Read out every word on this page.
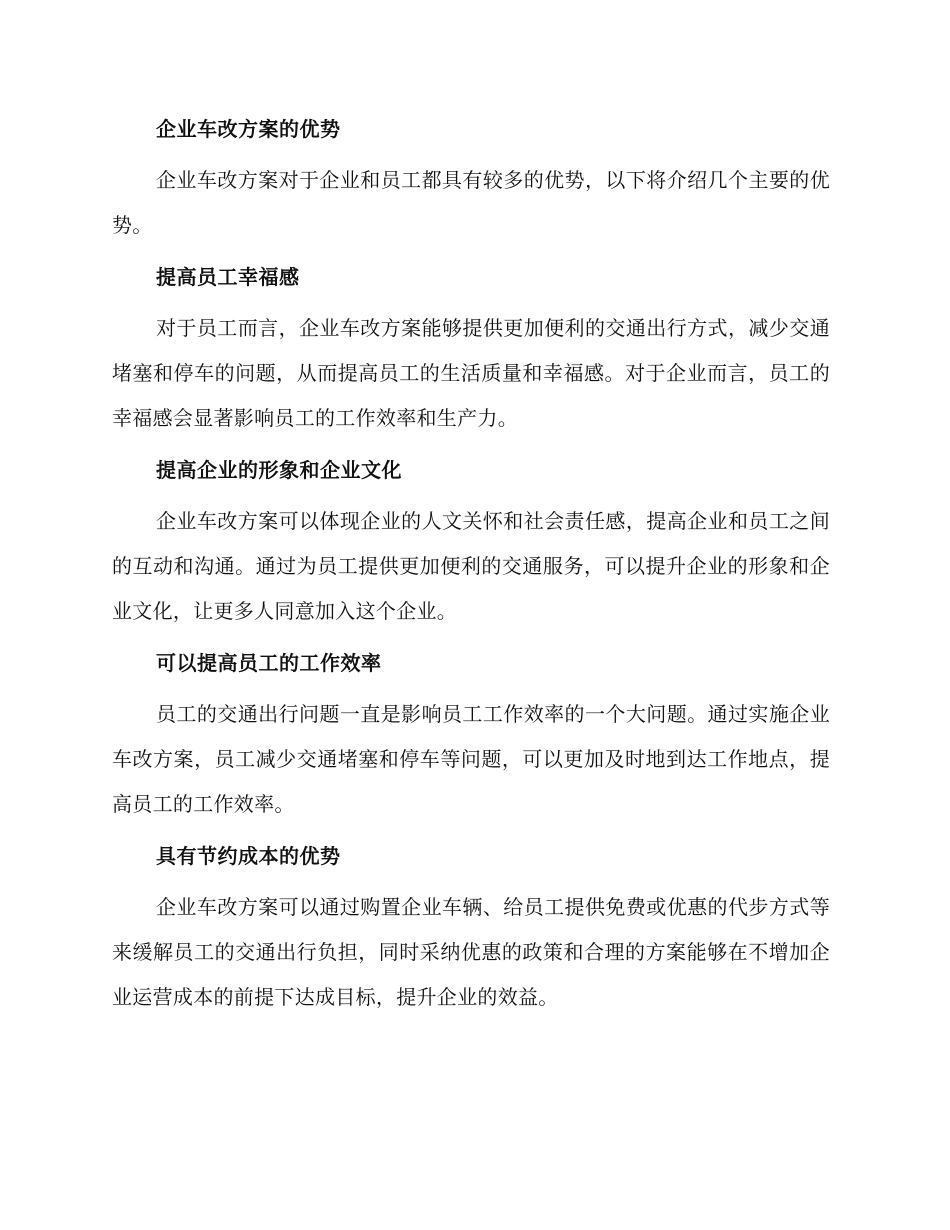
企业车改方案的优势
企业车改方案对于企业和员工都具有较多的优势，以下将介绍几个主要的优势。
提高员工幸福感
对于员工而言，企业车改方案能够提供更加便利的交通出行方式，减少交通堵塞和停车的问题，从而提高员工的生活质量和幸福感。对于企业而言，员工的幸福感会显著影响员工的工作效率和生产力。
提高企业的形象和企业文化
企业车改方案可以体现企业的人文关怀和社会责任感，提高企业和员工之间的互动和沟通。通过为员工提供更加便利的交通服务，可以提升企业的形象和企业文化，让更多人同意加入这个企业。
可以提高员工的工作效率
员工的交通出行问题一直是影响员工工作效率的一个大问题。通过实施企业车改方案，员工减少交通堵塞和停车等问题，可以更加及时地到达工作地点，提高员工的工作效率。
具有节约成本的优势
企业车改方案可以通过购置企业车辆、给员工提供免费或优惠的代步方式等来缓解员工的交通出行负担，同时采纳优惠的政策和合理的方案能够在不增加企业运营成本的前提下达成目标，提升企业的效益。
